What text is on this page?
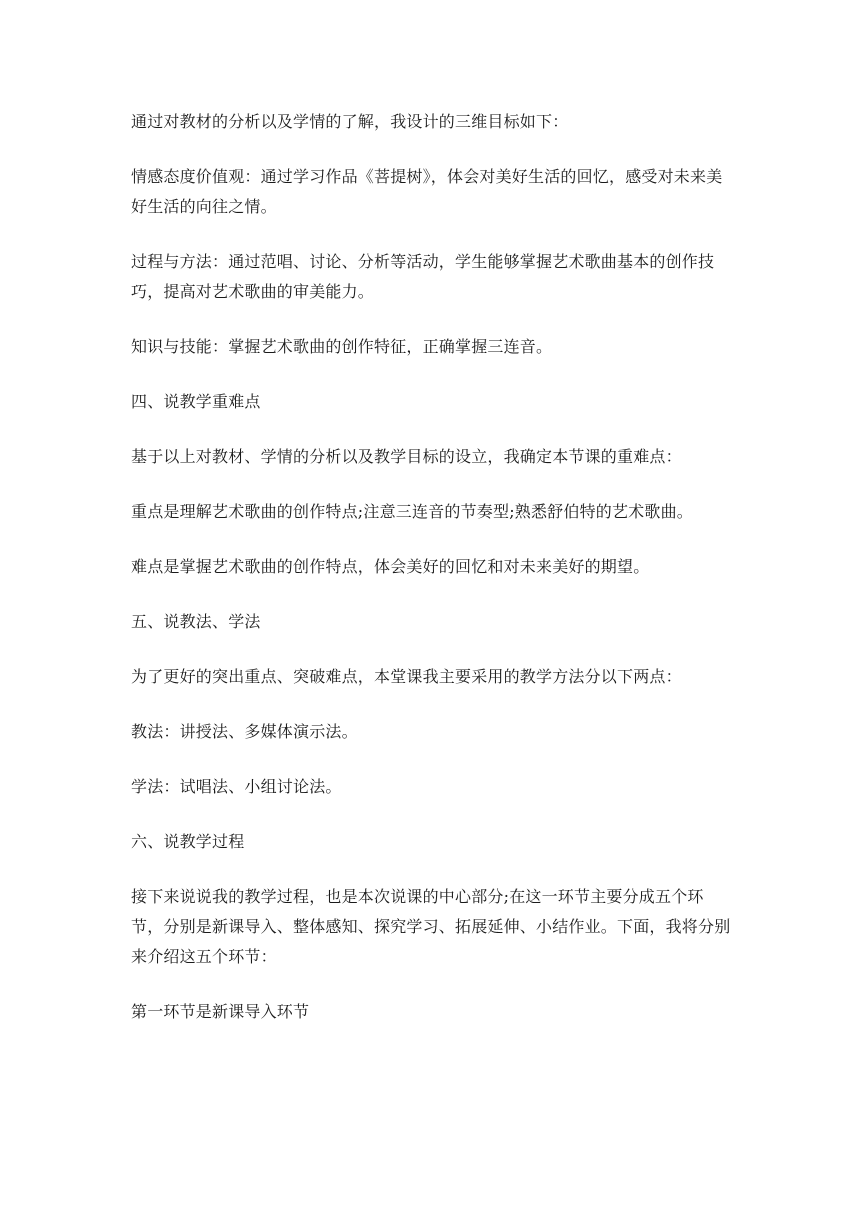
通过对教材的分析以及学情的了解，我设计的三维目标如下：

情感态度价值观：通过学习作品《菩提树》，体会对美好生活的回忆，感受对未来美好生活的向往之情。

过程与方法：通过范唱、讨论、分析等活动，学生能够掌握艺术歌曲基本的创作技巧，提高对艺术歌曲的审美能力。

知识与技能：掌握艺术歌曲的创作特征，正确掌握三连音。

四、说教学重难点

基于以上对教材、学情的分析以及教学目标的设立，我确定本节课的重难点：

重点是理解艺术歌曲的创作特点;注意三连音的节奏型;熟悉舒伯特的艺术歌曲。

难点是掌握艺术歌曲的创作特点，体会美好的回忆和对未来美好的期望。

五、说教法、学法

为了更好的突出重点、突破难点，本堂课我主要采用的教学方法分以下两点：

教法：讲授法、多媒体演示法。

学法：试唱法、小组讨论法。

六、说教学过程

接下来说说我的教学过程，也是本次说课的中心部分;在这一环节主要分成五个环节，分别是新课导入、整体感知、探究学习、拓展延伸、小结作业。下面，我将分别来介绍这五个环节：

第一环节是新课导入环节
